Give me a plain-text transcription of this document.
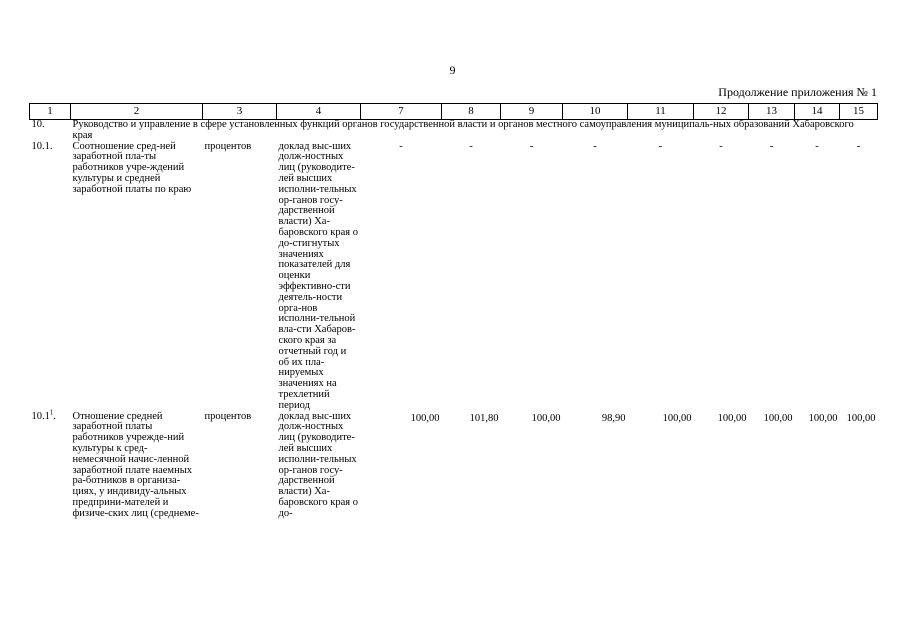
9
Продолжение приложения № 1
1	2	3	4	7	8	9	10	11	12	13	14	15
10.	Руководство и управление в сфере установленных функций органов государственной власти и органов местного самоуправления муниципаль-ных образований Хабаровского края											
10.1.	Соотношение сред-ней заработной пла-ты работников учре-ждений культуры и средней заработной платы по краю	процентов	доклад выс-ших долж-ностных лиц (руководите-лей высших исполни-тельных ор-ганов госу-дарственной власти) Ха-баровского края о до-стигнутых значениях показателей для оценки эффективно-сти деятель-ности орга-нов исполни-тельной вла-сти Хабаров-ского края за отчетный год и об их пла-нируемых значениях на трехлетний период	-	-	-	-	-	-	-	-	-
10.1$^1$.	Отношение средней заработной платы работников учрежде-ний культуры к сред-немесячной начис-ленной заработной плате наемных ра-ботников в организа-циях, у индивиду-альных предприни-мателей и физиче-ских лиц (среднеме-	процентов	доклад выс-ших долж-ностных лиц (руководите-лей высших исполни-тельных ор-ганов госу-дарственной власти) Ха-баровского края о до-	100,00	101,80	100,00	98,90	100,00	100,00	100,00	100,00	100,00
